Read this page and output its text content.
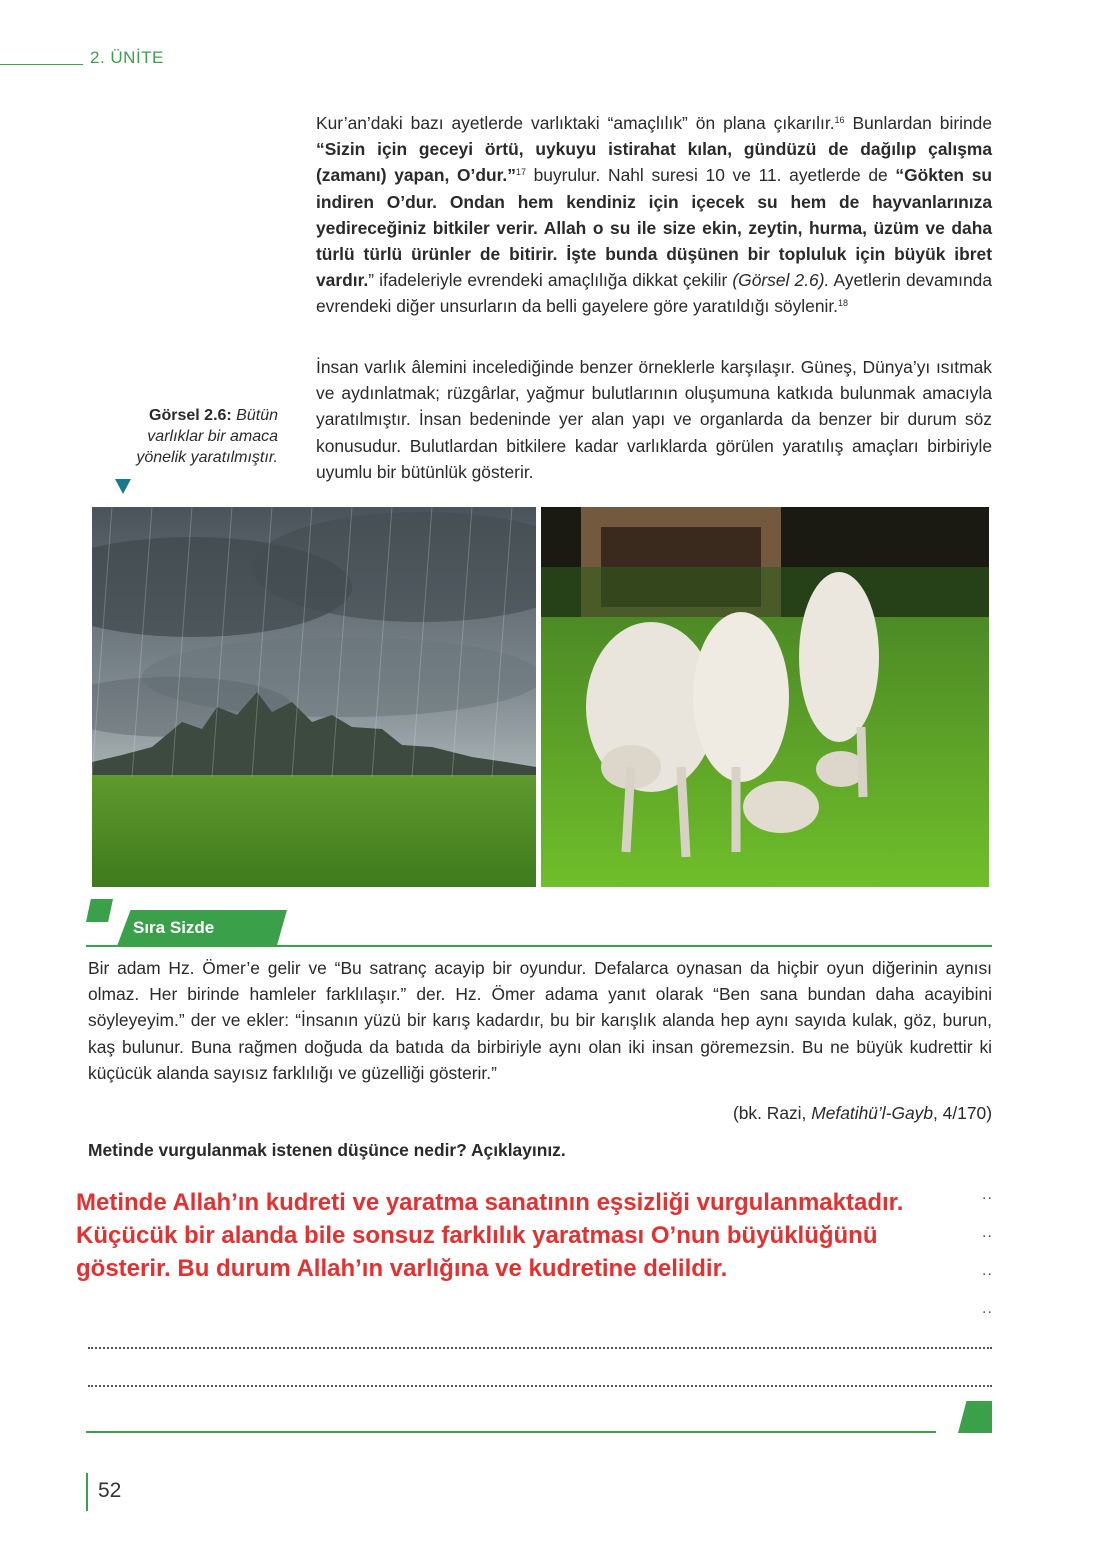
2. ÜNİTE

Kur’an’daki bazı ayetlerde varlıktaki “amaçlılık” ön plana çıkarılır.$^{16}$ Bunlardan birinde “Sizin için geceyi örtü, uykuyu istirahat kılan, gündüzü de dağılıp çalışma (zamanı) yapan, O’dur.”$^{17}$ buyrulur. Nahl suresi 10 ve 11. ayetlerde de “Gökten su indiren O’dur. Ondan hem kendiniz için içecek su hem de hayvanlarınıza yedireceğiniz bitkiler verir. Allah o su ile size ekin, zeytin, hurma, üzüm ve daha türlü türlü ürünler de bitirir. İşte bunda düşünen bir topluluk için büyük ibret vardır.” ifadeleriyle evrendeki amaçlılığa dikkat çekilir (Görsel 2.6). Ayetlerin devamında evrendeki diğer unsurların da belli gayelere göre yaratıldığı söylenir.$^{18}$

İnsan varlık âlemini incelediğinde benzer örneklerle karşılaşır. Güneş, Dünya’yı ısıtmak ve aydınlatmak; rüzgârlar, yağmur bulutlarının oluşumuna katkıda bulunmak amacıyla yaratılmıştır. İnsan bedeninde yer alan yapı ve organlarda da benzer bir durum söz konusudur. Bulutlardan bitkilere kadar varlıklarda görülen yaratılış amaçları birbiriyle uyumlu bir bütünlük gösterir.

Görsel 2.6: Bütün varlıklar bir amaca yönelik yaratılmıştır.
Sıra Sizde

Bir adam Hz. Ömer’e gelir ve “Bu satranç acayip bir oyundur. Defalarca oynasan da hiçbir oyun diğerinin aynısı olmaz. Her birinde hamleler farklılaşır.” der. Hz. Ömer adama yanıt olarak “Ben sana bundan daha acayibini söyleyeyim.” der ve ekler: “İnsanın yüzü bir karış kadardır, bu bir karışlık alanda hep aynı sayıda kulak, göz, burun, kaş bulunur. Buna rağmen doğuda da batıda da birbiriyle aynı olan iki insan göremezsin. Bu ne büyük kudrettir ki küçücük alanda sayısız farklılığı ve güzelliği gösterir.”

(bk. Razi, Mefatihü’l-Gayb, 4/170)
Metinde vurgulanmak istenen düşünce nedir? Açıklayınız.

Metinde Allah’ın kudreti ve yaratma sanatının eşsizliği vurgulanmaktadır. Küçücük bir alanda bile sonsuz farklılık yaratması O’nun büyüklüğünü gösterir. Bu durum Allah’ın varlığına ve kudretine delildir.

..
..
..
..
52
